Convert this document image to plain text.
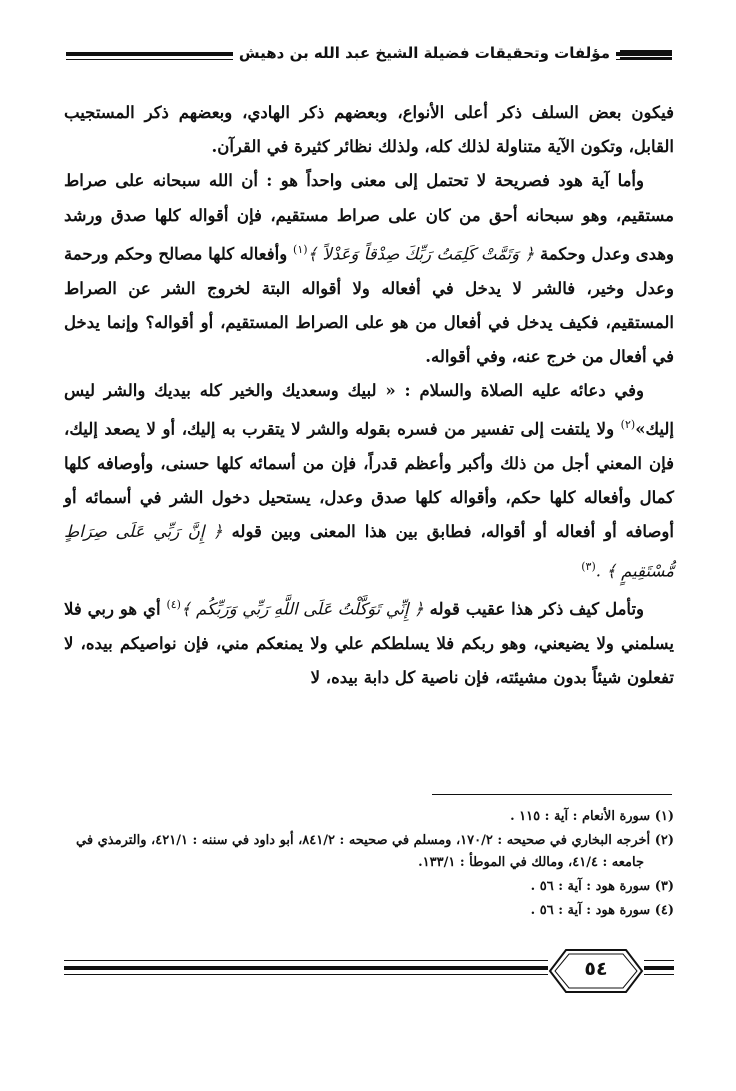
مؤلفات وتحقيقات فضيلة الشيخ عبد الله بن دهيش

فيكون بعض السلف ذكر أعلى الأنواع، وبعضهم ذكر الهادي، وبعضهم ذكر المستجيب القابل، وتكون الآية متناولة لذلك كله، ولذلك نظائر كثيرة في القرآن.

وأما آية هود فصريحة لا تحتمل إلى معنى واحداً هو : أن الله سبحانه على صراط مستقيم، وهو سبحانه أحق من كان على صراط مستقيم، فإن أقواله كلها صدق ورشد وهدى وعدل وحكمة ﴿ وَتَمَّتْ كَلِمَتُ رَبِّكَ صِدْقاً وَعَدْلاً ﴾$^{(١)}$ وأفعاله كلها مصالح وحكم ورحمة وعدل وخير، فالشر لا يدخل في أفعاله ولا أقواله البتة لخروج الشر عن الصراط المستقيم، فكيف يدخل في أفعال من هو على الصراط المستقيم، أو أقواله؟ وإنما يدخل في أفعال من خرج عنه، وفي أقواله.

وفي دعائه عليه الصلاة والسلام : « لبيك وسعديك والخير كله بيديك والشر ليس إليك»$^{(٢)}$ ولا يلتفت إلى تفسير من فسره بقوله والشر لا يتقرب به إليك، أو لا يصعد إليك، فإن المعني أجل من ذلك وأكبر وأعظم قدراً، فإن من أسمائه كلها حسنى، وأوصافه كلها كمال وأفعاله كلها حكم، وأقواله كلها صدق وعدل، يستحيل دخول الشر في أسمائه أو أوصافه أو أفعاله أو أقواله، فطابق بين هذا المعنى وبين قوله ﴿ إِنَّ رَبِّي عَلَى صِرَاطٍ مُّسْتَقِيمٍ ﴾ .$^{(٣)}$

وتأمل كيف ذكر هذا عقيب قوله ﴿ إِنِّي تَوَكَّلْتُ عَلَى اللَّهِ رَبِّي وَرَبِّكُم ﴾$^{(٤)}$ أي هو ربي فلا يسلمني ولا يضيعني، وهو ربكم فلا يسلطكم علي ولا يمنعكم مني، فإن نواصيكم بيده، لا تفعلون شيئاً بدون مشيئته، فإن ناصية كل دابة بيده، لا

(١) سورة الأنعام : آية : ١١٥ .

(٢) أخرجه البخاري في صحيحه : ١٧٠/٢، ومسلم في صحيحه : ٨٤١/٢، أبو داود في سننه : ٤٢١/١، والترمذي في جامعه : ٤١/٤، ومالك في الموطأ : ١٣٣/١.

(٣) سورة هود : آية : ٥٦ .

(٤) سورة هود : آية : ٥٦ .

٥٤
